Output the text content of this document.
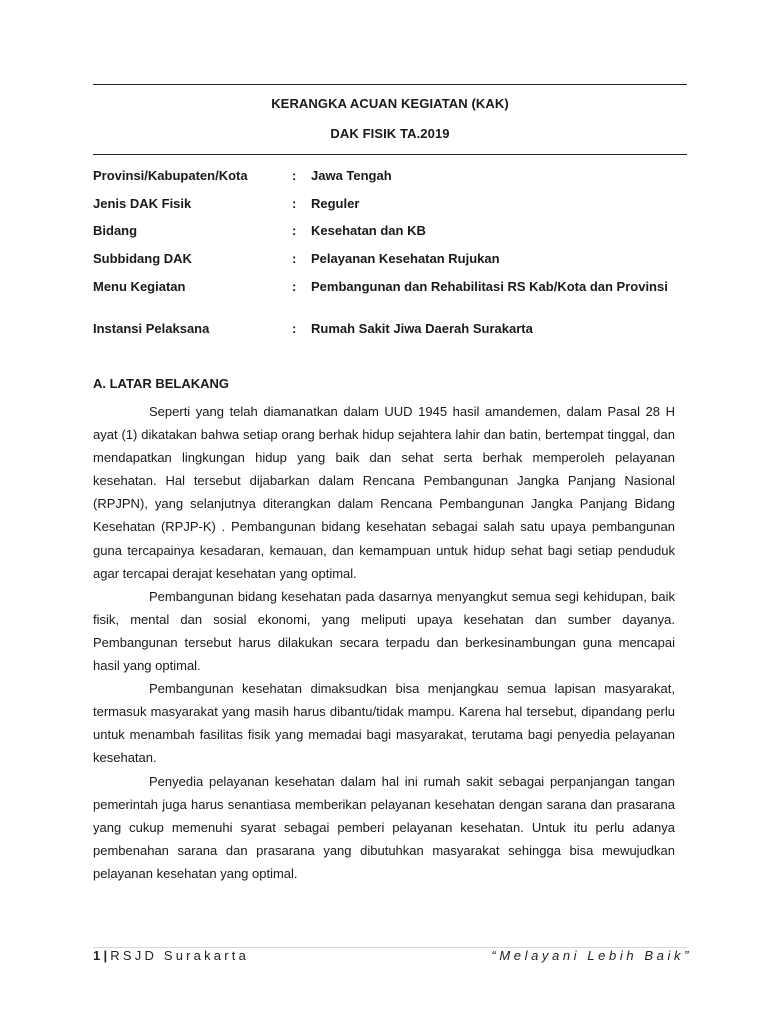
KERANGKA ACUAN KEGIATAN (KAK)
DAK FISIK TA.2019
Provinsi/Kabupaten/Kota	: Jawa Tengah
Jenis DAK Fisik	: Reguler
Bidang	: Kesehatan dan KB
Subbidang DAK	: Pelayanan Kesehatan Rujukan
Menu Kegiatan	: Pembangunan dan Rehabilitasi RS Kab/Kota dan Provinsi
Instansi Pelaksana	: Rumah Sakit Jiwa Daerah Surakarta
A. LATAR BELAKANG

Seperti yang telah diamanatkan dalam UUD 1945 hasil amandemen, dalam Pasal 28 H ayat (1) dikatakan bahwa setiap orang berhak hidup sejahtera lahir dan batin, bertempat tinggal, dan mendapatkan lingkungan hidup yang baik dan sehat serta berhak memperoleh pelayanan kesehatan. Hal tersebut dijabarkan dalam Rencana Pembangunan Jangka Panjang Nasional (RPJPN), yang selanjutnya diterangkan dalam Rencana Pembangunan Jangka Panjang Bidang Kesehatan (RPJP-K) . Pembangunan bidang kesehatan sebagai salah satu upaya pembangunan guna tercapainya kesadaran, kemauan, dan kemampuan untuk hidup sehat bagi setiap penduduk agar tercapai derajat kesehatan yang optimal.

Pembangunan bidang kesehatan pada dasarnya menyangkut semua segi kehidupan, baik fisik, mental dan sosial ekonomi, yang meliputi upaya kesehatan dan sumber dayanya. Pembangunan tersebut harus dilakukan secara terpadu dan berkesinambungan guna mencapai hasil yang optimal.

Pembangunan kesehatan dimaksudkan bisa menjangkau semua lapisan masyarakat, termasuk masyarakat yang masih harus dibantu/tidak mampu. Karena hal tersebut, dipandang perlu untuk menambah fasilitas fisik yang memadai bagi masyarakat, terutama bagi penyedia pelayanan kesehatan.

Penyedia pelayanan kesehatan dalam hal ini rumah sakit sebagai perpanjangan tangan pemerintah juga harus senantiasa memberikan pelayanan kesehatan dengan sarana dan prasarana yang cukup memenuhi syarat sebagai pemberi pelayanan kesehatan. Untuk itu perlu adanya pembenahan sarana dan prasarana yang dibutuhkan masyarakat sehingga bisa mewujudkan pelayanan kesehatan yang optimal.

1|RSJD Surakarta	“Melayani Lebih Baik”
